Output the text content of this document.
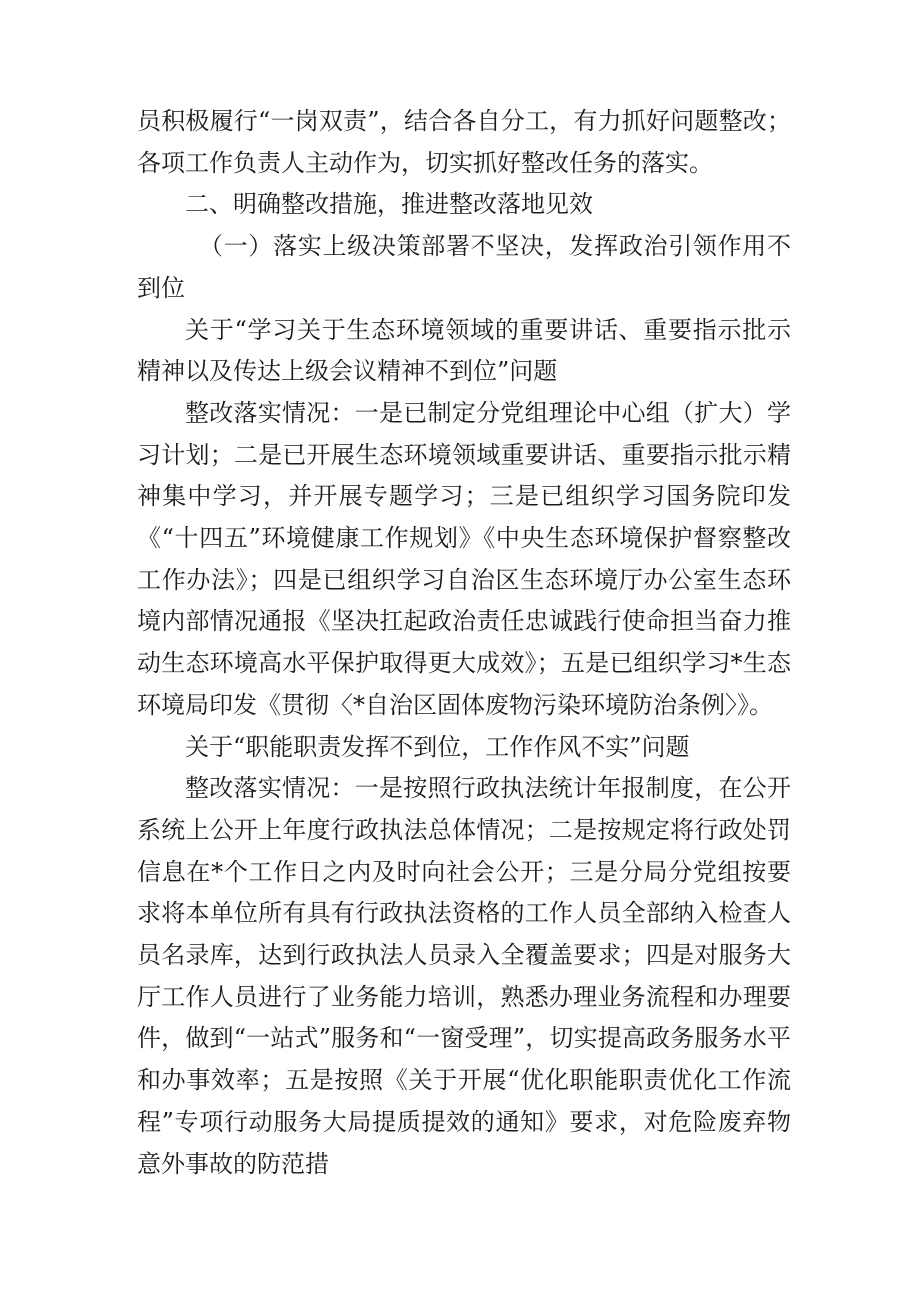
员积极履行“一岗双责”，结合各自分工，有力抓好问题整改；各项工作负责人主动作为，切实抓好整改任务的落实。

二、明确整改措施，推进整改落地见效

（一）落实上级决策部署不坚决，发挥政治引领作用不到位

关于“学习关于生态环境领域的重要讲话、重要指示批示精神以及传达上级会议精神不到位”问题

整改落实情况：一是已制定分党组理论中心组（扩大）学习计划；二是已开展生态环境领域重要讲话、重要指示批示精神集中学习，并开展专题学习；三是已组织学习国务院印发《“十四五”环境健康工作规划》《中央生态环境保护督察整改工作办法》；四是已组织学习自治区生态环境厅办公室生态环境内部情况通报《坚决扛起政治责任忠诚践行使命担当奋力推动生态环境高水平保护取得更大成效》；五是已组织学习*生态环境局印发《贯彻〈*自治区固体废物污染环境防治条例〉》。

关于“职能职责发挥不到位，工作作风不实”问题

整改落实情况：一是按照行政执法统计年报制度，在公开系统上公开上年度行政执法总体情况；二是按规定将行政处罚信息在*个工作日之内及时向社会公开；三是分局分党组按要求将本单位所有具有行政执法资格的工作人员全部纳入检查人员名录库，达到行政执法人员录入全覆盖要求；四是对服务大厅工作人员进行了业务能力培训，熟悉办理业务流程和办理要件，做到“一站式”服务和“一窗受理”，切实提高政务服务水平和办事效率；五是按照《关于开展“优化职能职责优化工作流程”专项行动服务大局提质提效的通知》要求，对危险废弃物意外事故的防范措
